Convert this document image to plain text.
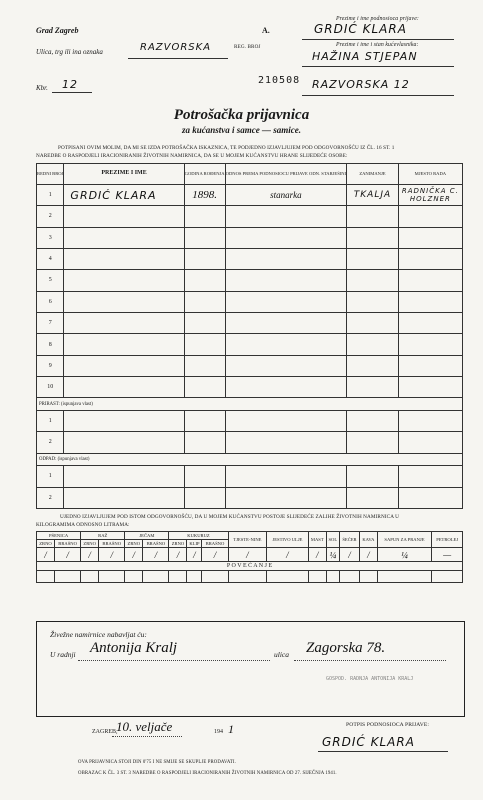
Grad Zagreb
Ulica, trg ili ina oznaka	RAZVORSKA
Kbr. 12
A.
REG. BROJ
210508
Prezime i ime podnosioca prijave:
GRDIĆ KLARA
Prezime i ime i stan kućevlasnika:
HAŽINA STJEPAN
RAZVORSKA 12
Potrošačka prijavnica
za kućanstva i samce — samice.
POTPISANI OVIM MOLIM, DA MI SE IZDA POTROŠAČKA ISKAZNICA, TE PODJEDNO IZJAVLJUJEM POD ODGOVORNOŠĆU IZ ČL. 16 ST. 1
NAREDBE O RASPODJELI IRACIONIRANIH ŽIVOTNIH NAMIRNICA, DA SE U MOJEM KUĆANSTVU HRANE SLIJEDEĆE OSOBE:
REDNI BROJ	PREZIME I IME	GODINA ROĐENJA	ODNOS PREMA PODNOSIOCU PRIJAVE ODN. STARJEŠINI	ZANIMANJE	MJESTO RADA
1	GRDIĆ KLARA	1898.	stanarka	TKALJA	RADNIČKA C. HOLZNER
2					
3					
4					
5					
6					
7					
8					
9					
10					
PRIRAST: (ispunjava vlast)					
1					
2					
ODPAD: (ispunjava vlast)					
1					
2					
UJEDNO IZJAVLJUJEM POD ISTOM ODGOVORNOŠĆU, DA U MOJEM KUĆANSTVU POSTOJE SLIJEDEĆE ZALIHE ŽIVOTNIH NAMIRNICA U
KILOGRAMIMA ODNOSNO LITRAMA:
PŠENICA		RAŽ		JEČAM		KUKURUZ			TJESTE-NINE	JESTIVO ULJE	MAST	SOL	ŠEĆER	KAVA	SAPUN ZA PRANJE	PETROLEJ
ZRNO	BRAŠNO	ZRNO	BRAŠNO	ZRNO	BRAŠNO	ZRNO	KLIP	BRAŠNO								
/	/	/	/	/	/	/	/	/	/	/	/	¼	/	/	¼	—
P O V E Ć A N J E																

Živežne namirnice nabavljat ću:
U radnji Antonija Kralj	ulica Zagorska 78.
GOSPOD. RADNJA ANTONIJA KRALJ
ZAGREB,
10. veljače	194 1	POTPIS PODNOSIOCA PRIJAVE:
GRDIĆ KLARA
OVA PRIJAVNICA STOJI DIN 0'75 I NE SMIJE SE SKUPLJE PRODAVATI.
OBRAZAC K ČL. 3 ST. 3 NAREDBE O RASPODJELI IRACIONIRANIH ŽIVOTNIH NAMIRNICA OD 27. SIJEČNJA 1941.
